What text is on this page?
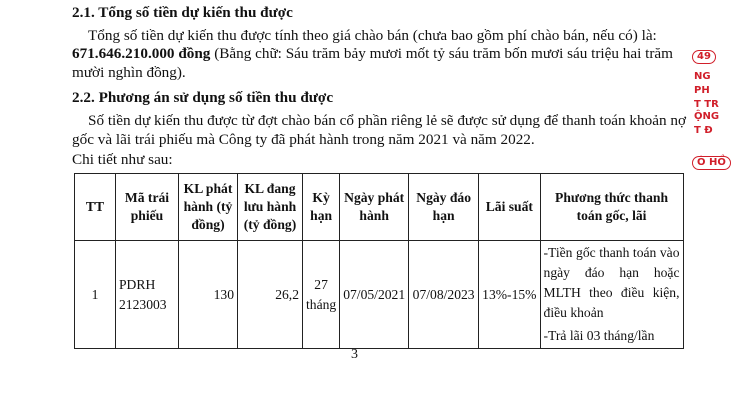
2.1. Tổng số tiền dự kiến thu được
Tổng số tiền dự kiến thu được tính theo giá chào bán (chưa bao gồm phí chào bán, nếu có) là:
671.646.210.000 đồng (Bằng chữ: Sáu trăm bảy mươi mốt tỷ sáu trăm bốn mươi sáu triệu hai trăm
mười nghìn đồng).
2.2. Phương án sử dụng số tiền thu được
Số tiền dự kiến thu được từ đợt chào bán cổ phần riêng lẻ sẽ được sử dụng để thanh toán khoản nợ
gốc và lãi trái phiếu mà Công ty đã phát hành trong năm 2021 và năm 2022.
Chi tiết như sau:
TT	Mã trái phiếu	KL phát hành (tỷ đồng)	KL đang lưu hành (tỷ đồng)	Kỳ hạn	Ngày phát hành	Ngày đáo hạn	Lãi suất	Phương thức thanh toán gốc, lãi
1	PDRH 2123003	130	26,2	27 tháng	07/05/2021	07/08/2023	13%-15%	-Tiền gốc thanh toán vào ngày đáo hạn hoặc MLTH theo điều kiện, điều khoản
-Trả lãi 03 tháng/lần
3
49
NG
PH
T TR
ỘNG
T Đ
Ô HỒ
